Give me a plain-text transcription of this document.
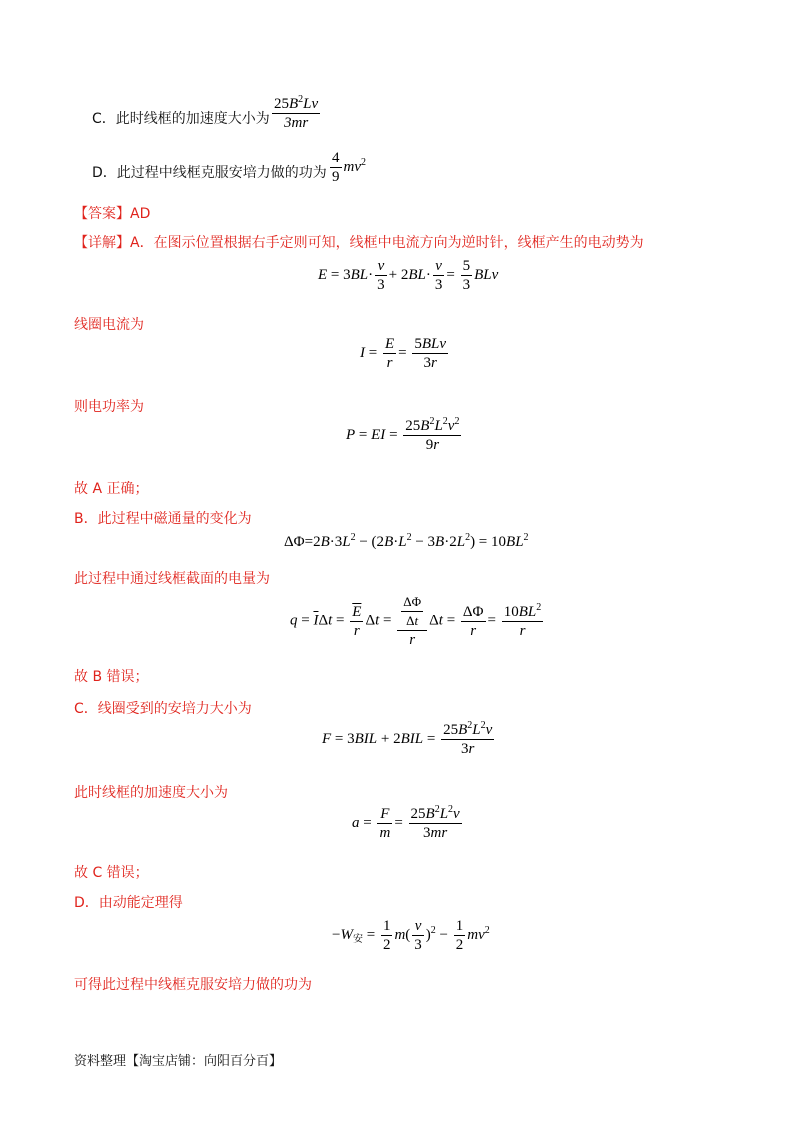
C．此时线框的加速度大小为 $\frac{25B^2Lv}{3mr}$
D．此过程中线框克服安培力做的功为 $\frac{4}{9} mv^2$
【答案】AD
【详解】A．在图示位置根据右手定则可知，线框中电流方向为逆时针，线框产生的电动势为
$E = 3BL\cdot \frac{v}{3} + 2BL\cdot \frac{v}{3} = \frac{5}{3}$ BLv
线圈电流为
$I = \frac{E}{r} = \frac{\text{5BLv}}{3r}$
则电功率为
P = EI = $\frac{25B^2L^2v^2}{9r}$
故 A 正确；
B．此过程中磁通量的变化为
$\Delta\Phi=2B\cdot 3L^2 - (2B\cdot L^2 - 3B\cdot 2L^2) = 10BL^2$
此过程中通过线框截面的电量为
$q = \overline{I}\Delta t = \frac{\overline{E}}{r}$ $\Delta t = \frac{\frac{\Delta\Phi}{\Delta t}}{r}$ $\Delta t = \frac{\Delta\Phi}{r} = \frac{10BL^2}{r}$
故 B 错误；
C．线圈受到的安培力大小为
$F = 3BIL + 2BIL = \frac{25B^2L^2v}{3r}$
此时线框的加速度大小为
$a = \frac{F}{m} = \frac{25B^2L^2v}{3mr}$
故 C 错误；
D．由动能定理得
$-W_安 = \frac{1}{2} m( \frac{v}{3} )^2 - \frac{1}{2} mv^2$
可得此过程中线框克服安培力做的功为
资料整理【淘宝店铺：向阳百分百】
